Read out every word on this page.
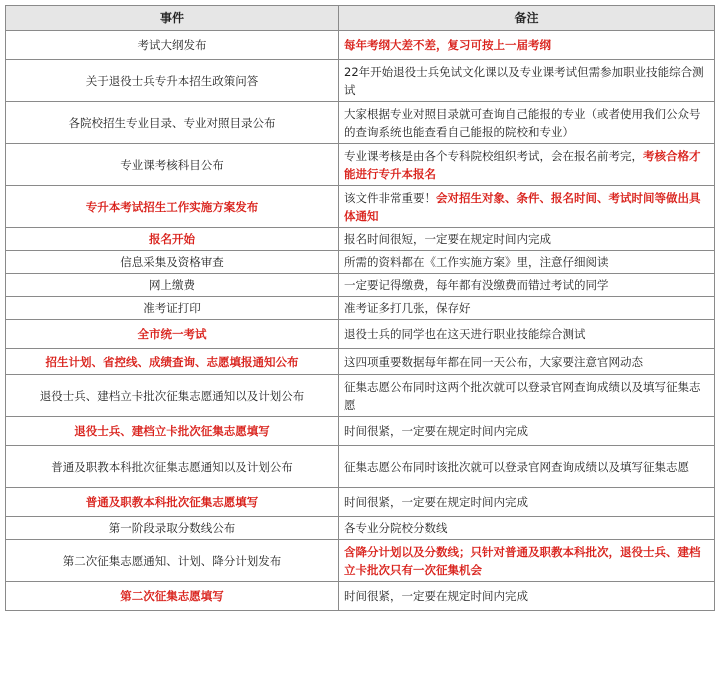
事件	备注
考试大纲发布	每年考纲大差不差，复习可按上一届考纲
关于退役士兵专升本招生政策问答	22年开始退役士兵免试文化课以及专业课考试但需参加职业技能综合测试
各院校招生专业目录、专业对照目录公布	大家根据专业对照目录就可查询自己能报的专业（或者使用我们公众号的查询系统也能查看自己能报的院校和专业）
专业课考核科目公布	专业课考核是由各个专科院校组织考试，会在报名前考完，考核合格才能进行专升本报名
专升本考试招生工作实施方案发布	该文件非常重要！会对招生对象、条件、报名时间、考试时间等做出具体通知
报名开始	报名时间很短，一定要在规定时间内完成
信息采集及资格审查	所需的资料都在《工作实施方案》里，注意仔细阅读
网上缴费	一定要记得缴费，每年都有没缴费而错过考试的同学
准考证打印	准考证多打几张，保存好
全市统一考试	退役士兵的同学也在这天进行职业技能综合测试
招生计划、省控线、成绩查询、志愿填报通知公布	这四项重要数据每年都在同一天公布，大家要注意官网动态
退役士兵、建档立卡批次征集志愿通知以及计划公布	征集志愿公布同时这两个批次就可以登录官网查询成绩以及填写征集志愿
退役士兵、建档立卡批次征集志愿填写	时间很紧，一定要在规定时间内完成
普通及职教本科批次征集志愿通知以及计划公布	征集志愿公布同时该批次就可以登录官网查询成绩以及填写征集志愿
普通及职教本科批次征集志愿填写	时间很紧，一定要在规定时间内完成
第一阶段录取分数线公布	各专业分院校分数线
第二次征集志愿通知、计划、降分计划发布	含降分计划以及分数线；只针对普通及职教本科批次，退役士兵、建档立卡批次只有一次征集机会
第二次征集志愿填写	时间很紧，一定要在规定时间内完成
